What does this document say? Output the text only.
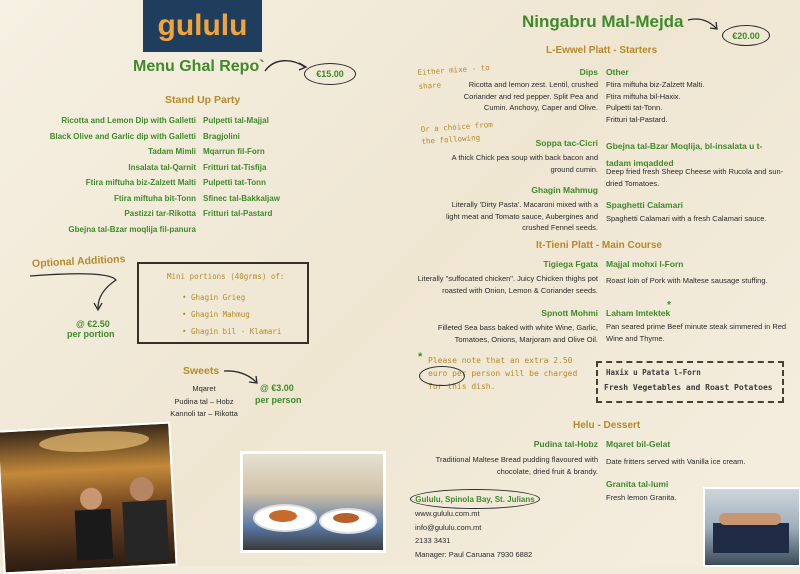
gululu
Menu Ghal Repo`	€15.00
Stand Up Party
Ricotta and Lemon Dip with Galletti
Black Olive and Garlic dip with Galletti
Tadam Mimli
Insalata tal-Qarnit
Ftira miftuha biz-Zalzett Malti
Ftira miftuha bit-Tonn
Pastizzi tar-Rikotta
Gbejna tal-Bzar moqlija fil-panura
Pulpetti tal-Majjal
Bragjolini
Mqarrun fil-Forn
Fritturi tat-Tisfija
Pulpetti tat-Tonn
Sfinec tal-Bakkaljaw
Fritturi tal-Pastard
Optional Additions
@ €2.50
per portion
Mini portions (40grms) of:
• Ghagin Grieg
• Ghagin Mahmug
• Ghagin bil - Klamari
Sweets
Mqaret
Pudina tal – Hobz
Kannoli tar – Rikotta
@ €3.00
per person
Ningabru Mal-Mejda
€20.00
L-Ewwel Platt - Starters
Either mixe - to share
Or a choice from the following
Dips
Ricotta and lemon zest. Lentil, crushed Coriander and red pepper. Split Pea and Cumin. Anchovy, Caper and Olive.
Other
Ftira miftuha biz-Zalzett Malti.
Ftira miftuha bil-Haxix.
Pulpetti tat-Tonn.
Fritturi tal-Pastard.
Soppa tac-Cicri
A thick Chick pea soup with back bacon and ground cumin.
Gbejna tal-Bzar Moqlija, bl-insalata u t-tadam imqadded
Deep fried fresh Sheep Cheese with Rucola and sun-dried Tomatoes.
Ghagin Mahmug
Literally 'Dirty Pasta'. Macaroni mixed with a light meat and Tomato sauce, Aubergines and crushed Fennel seeds.
Spaghetti Calamari
Spaghetti Calamari with a fresh Calamari sauce.
It-Tieni Platt - Main Course
Tigiega Fgata
Literally "suffocated chicken". Juicy Chicken thighs pot roasted with Onion, Lemon & Coriander seeds.
Majjal mohxi l-Forn
Roast loin of Pork with Maltese sausage stuffing.
Spnott Mohmi
Filleted Sea bass baked with white Wine, Garlic, Tomatoes, Onions, Marjoram and Olive Oil.
Laham Imtektek
*
Pan seared prime Beef minute steak simmered in Red Wine and Thyme.
* Please note that an extra 2.50 euro per person will be charged for this dish.
Haxix u Patata l-Forn
Fresh Vegetables and Roast Potatoes
Helu - Dessert
Pudina tal-Hobz
Traditional Maltese Bread pudding flavoured with chocolate, dried fruit & brandy.
Mqaret bil-Gelat
Date fritters served with Vanilla ice cream.
Granita tal-lumi
Fresh lemon Granita.
Gululu, Spinola Bay, St. Julians
www.gululu.com.mt
info@gululu.com.mt
2133 3431
Manager: Paul Caruana 7930 6882
